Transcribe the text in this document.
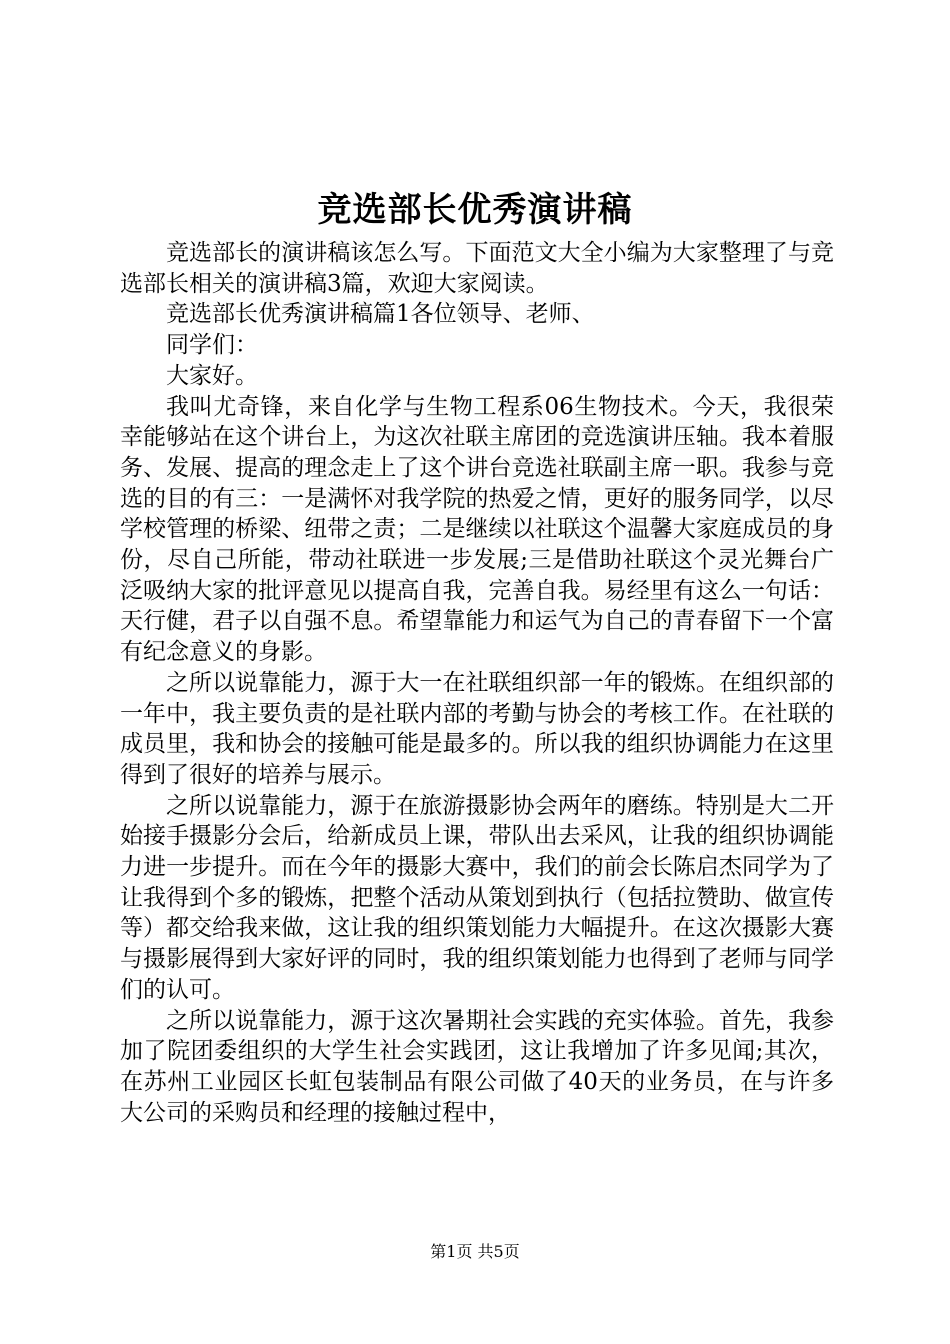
竞选部长优秀演讲稿

竞选部长的演讲稿该怎么写。下面范文大全小编为大家整理了与竞选部长相关的演讲稿3篇，欢迎大家阅读。

竞选部长优秀演讲稿篇1各位领导、老师、

同学们：

大家好。

我叫尤奇锋，来自化学与生物工程系06生物技术。今天，我很荣幸能够站在这个讲台上，为这次社联主席团的竞选演讲压轴。我本着服务、发展、提高的理念走上了这个讲台竞选社联副主席一职。我参与竞选的目的有三：一是满怀对我学院的热爱之情，更好的服务同学，以尽学校管理的桥梁、纽带之责；二是继续以社联这个温馨大家庭成员的身份，尽自己所能，带动社联进一步发展;三是借助社联这个灵光舞台广泛吸纳大家的批评意见以提高自我，完善自我。易经里有这么一句话：天行健，君子以自强不息。希望靠能力和运气为自己的青春留下一个富有纪念意义的身影。

之所以说靠能力，源于大一在社联组织部一年的锻炼。在组织部的一年中，我主要负责的是社联内部的考勤与协会的考核工作。在社联的成员里，我和协会的接触可能是最多的。所以我的组织协调能力在这里得到了很好的培养与展示。

之所以说靠能力，源于在旅游摄影协会两年的磨练。特别是大二开始接手摄影分会后，给新成员上课，带队出去采风，让我的组织协调能力进一步提升。而在今年的摄影大赛中，我们的前会长陈启杰同学为了让我得到个多的锻炼，把整个活动从策划到执行（包括拉赞助、做宣传等）都交给我来做，这让我的组织策划能力大幅提升。在这次摄影大赛与摄影展得到大家好评的同时，我的组织策划能力也得到了老师与同学们的认可。

之所以说靠能力，源于这次暑期社会实践的充实体验。首先，我参加了院团委组织的大学生社会实践团，这让我增加了许多见闻;其次，在苏州工业园区长虹包装制品有限公司做了40天的业务员，在与许多大公司的采购员和经理的接触过程中，

第1页 共5页
